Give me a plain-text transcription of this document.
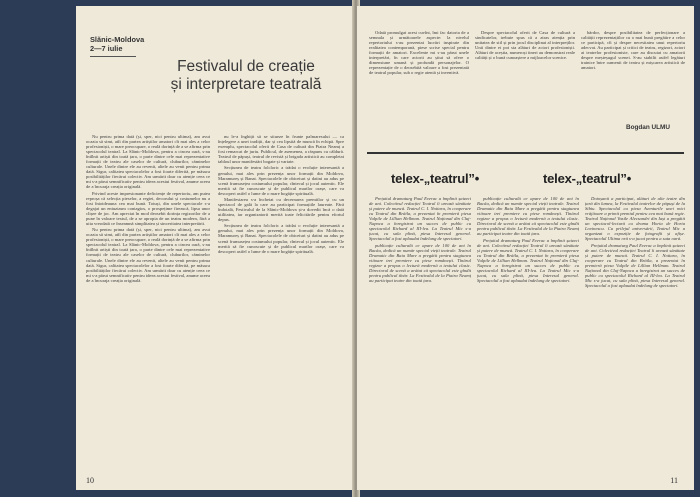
Slănic-Moldova
2—7 iulie
Festivalul de creație
și interpretare teatrală

Nu pentru prima dată (și, sper, nici pentru ultima), am avut ocazia să simt, atît din partea artiștilor amatori cît mai ales a celor profesioniști, o mare preocupare, o reală dorință de a se afirma prin spectacolul teatral. La Slănic-Moldova, pentru a cincea oară, s-au întîlnit artiști din toată țara, o parte dintre cele mai reprezentative formații de teatru ale caselor de cultură, cluburilor, căminelor culturale. Unele dintre ele au revenit, altele au venit pentru prima dată. Sigur, calitatea spectacolelor a fost foarte diferită, pe măsura posibilităților fiecărui colectiv. Am urmărit doar cu atenție ceea ce mi s-a părut semnificativ pentru ideea acestui festival, anume aceea de a încuraja creația originală.

Privind aceste impresionante deficiențe de repertoriu, am putea reproșa că selecția pieselor, a regiei, decorului și costumelor nu a fost întotdeauna cea mai bună. Totuși, din unele spectacole s-a degajat un entuziasm contagios, o prospețime firească, lipsa unor clișee de joc. Am apreciat în mod deosebit dorința regizorilor de a pune în valoare textul, de a se apropia de un teatru modern, fără a uita vreodată ce înseamnă simplitatea și sinceritatea interpretării.

Nu pentru prima dată (și, sper, nici pentru ultima), am avut ocazia să simt, atît din partea artiștilor amatori cît mai ales a celor profesioniști, o mare preocupare, o reală dorință de a se afirma prin spectacolul teatral. La Slănic-Moldova, pentru a cincea oară, s-au întîlnit artiști din toată țara, o parte dintre cele mai reprezentative formații de teatru ale caselor de cultură, cluburilor, căminelor culturale. Unele dintre ele au revenit, altele au venit pentru prima dată. Sigur, calitatea spectacolelor a fost foarte diferită, pe măsura posibilităților fiecărui colectiv. Am urmărit doar cu atenție ceea ce mi s-a părut semnificativ pentru ideea acestui festival, anume aceea de a încuraja creația originală.

nu le-a înghițit să se situeze în frunte palmaresului — ca înțelegere a unei tradiții, dar și cea lipsită de muncă în echipă. Spre exemplu, spectacolul oferit de Casa de cultură din Piatra Neamț a fost remarcat de juriu. Publicul, de asemenea, a răspuns cu căldură. Teatrul de păpuși, teatrul de revistă și brigada artistică au completat tabloul unor manifestări bogate și variate.

Secțiunea de teatru folcloric a trădat o evoluție interesantă a genului, mai ales prin prezența unor formații din Moldova, Maramureș și Banat. Spectacolele de obiceiuri și datini au adus pe scenă frumusețea costumului popular, cîntecul și jocul autentic. Ele merită să fie cunoscute și de publicul marilor orașe, care va descoperi astfel o lume de o mare bogăție spirituală.

Manifestarea s-a încheiat cu decernarea premiilor și cu un spectacol de gală la care au participat formațiile laureate. Fără îndoială, Festivalul de la Slănic-Moldova și-a dovedit încă o dată utilitatea, iar organizatorii merită toate felicitările pentru efortul depus.

Secțiunea de teatru folcloric a trădat o evoluție interesantă a genului, mai ales prin prezența unor formații din Moldova, Maramureș și Banat. Spectacolele de obiceiuri și datini au adus pe scenă frumusețea costumului popular, cîntecul și jocul autentic. Ele merită să fie cunoscute și de publicul marilor orașe, care va descoperi astfel o lume de o mare bogăție spirituală.

10

Odată promulgat acest cuvînt, îmi fac datoria de a semnala și următoarele aspecte: la nivelul repertoriului s-au prezentat lucrări inspirate din realitatea contemporană, piese scrise special pentru formații de amatori. Excelente mi s-au părut unele interpretări, în care actorii au știut să ofere o dimensiune umană și profundă personajelor. O reprezentație de o deosebită valoare a fost prezentată de teatrul popular, sub o regie atentă și inventivă.

Despre spectacolul oferit de Casa de cultură a sindicatelor, trebuie spus că a atras atenția prin unitatea de stil și prin jocul disciplinat al interpreților. Unii dintre ei pot sta alături de actori profesioniști. Alături de aceștia, numeroși tineri au demonstrat reale calități și o bună cunoaștere a mijloacelor scenice.

bărdor, despre posibilitatea de perfecționare a calității reprezentațiilor cu o mai bună pregătire a celor ce participă, cît și despre necesitatea unui repertoriu adecvat. Au participat și critici de teatru, regizori, actori ai teatrelor profesioniste, care au discutat cu amatorii despre meșteșugul scenei. S-au stabilit astfel legături trainice între oamenii de teatru și mișcarea artistică de amatori.

Bogdan ULMU
telex-„teatrul”•	telex-„teatrul”•

Prețuitul dramaturg Paul Everac a împlinit șaizeci de ani. Colectivul redacției Teatrul îi urează sănătate și putere de muncă. Teatrul C. I. Nottara, în cooperare cu Teatrul din Brăila, a prezentat în premieră piesa Vulpile de Lillian Hellman. Teatrul Național din Cluj-Napoca a înregistrat un succes de public cu spectacolul Richard al III-lea. La Teatrul Mic s-a jucat, cu sala plină, piesa Interesul general. Spectacolul a fost aplaudat îndelung de spectatori.

publicație culturală ce apare de 100 de ani în Bacău, dedică un număr special vieții teatrale. Teatrul Dramatic din Baia Mare a pregătit pentru stagiunea viitoare trei premiere cu piese românești. Tînărul regizor a propus o lectură modernă a textului clasic. Directorul de scenă a arătat că spectacolul este gîndit pentru publicul tînăr. La Festivalul de la Piatra Neamț au participat teatre din toată țara.

publicație culturală ce apare de 100 de ani în Bacău, dedică un număr special vieții teatrale. Teatrul Dramatic din Baia Mare a pregătit pentru stagiunea viitoare trei premiere cu piese românești. Tînărul regizor a propus o lectură modernă a textului clasic. Directorul de scenă a arătat că spectacolul este gîndit pentru publicul tînăr. La Festivalul de la Piatra Neamț au participat teatre din toată țara.

Prețuitul dramaturg Paul Everac a împlinit șaizeci de ani. Colectivul redacției Teatrul îi urează sănătate și putere de muncă. Teatrul C. I. Nottara, în cooperare cu Teatrul din Brăila, a prezentat în premieră piesa Vulpile de Lillian Hellman. Teatrul Național din Cluj-Napoca a înregistrat un succes de public cu spectacolul Richard al III-lea. La Teatrul Mic s-a jucat, cu sala plină, piesa Interesul general. Spectacolul a fost aplaudat îndelung de spectatori.

Dotoșanii a participat, alături de alte teatre din țară din lumea, la Festivalul teatrelor de păpuși de la Sibiu. Spectacolul cu piesa Aventurile unei mici vrăjitoare a primit premiul pentru cea mai bună regie. Teatrul Național Vasile Alecsandri din Iași a pregătit un spectacol-lectură cu drama Horia de Horia Lovinescu. Cu prilejul aniversării, Teatrul Mic a organizat o expoziție de fotografii și afișe. Spectacolul Ultima oră s-a jucat pentru a suta oară.

Prețuitul dramaturg Paul Everac a împlinit șaizeci de ani. Colectivul redacției Teatrul îi urează sănătate și putere de muncă. Teatrul C. I. Nottara, în cooperare cu Teatrul din Brăila, a prezentat în premieră piesa Vulpile de Lillian Hellman. Teatrul Național din Cluj-Napoca a înregistrat un succes de public cu spectacolul Richard al III-lea. La Teatrul Mic s-a jucat, cu sala plină, piesa Interesul general. Spectacolul a fost aplaudat îndelung de spectatori.

11
